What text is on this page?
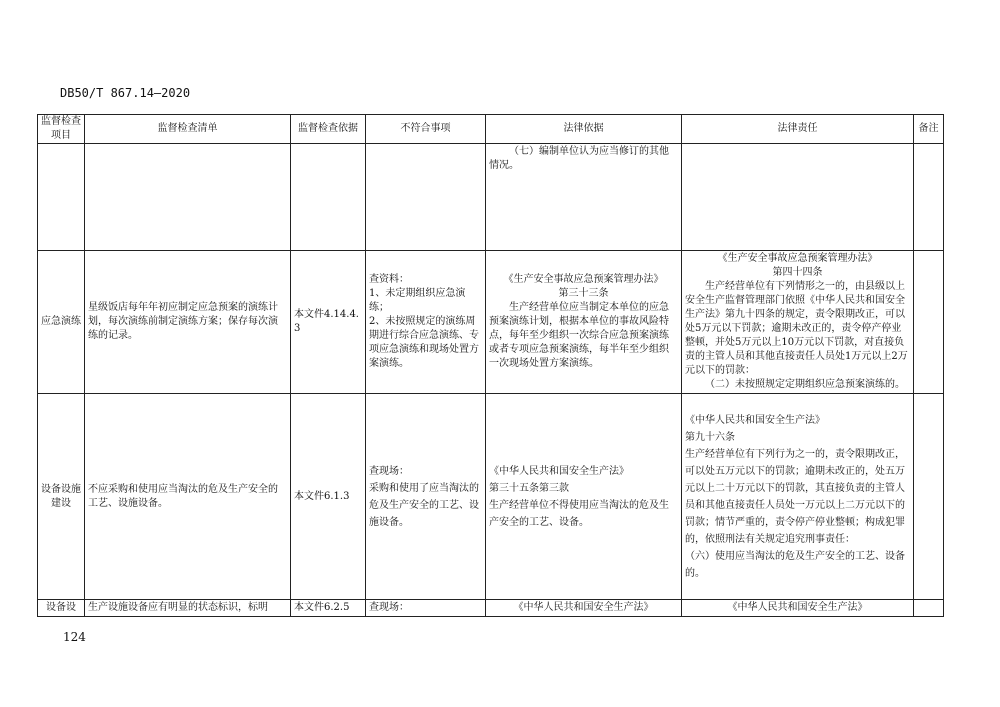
DB50/T 867.14—2020
监督检查项目	监督检查清单	监督检查依据	不符合事项	法律依据	法律责任	备注

				（七）编制单位认为应当修订的其他情况。		

应急演练	星级饭店每年年初应制定应急预案的演练计划，每次演练前制定演练方案；保存每次演练的记录。	本文件4.14.4.3	查资料：
1、未定期组织应急演练；
2、未按照规定的演练周期进行综合应急演练、专项应急演练和现场处置方案演练。	《生产安全事故应急预案管理办法》
第三十三条
生产经营单位应当制定本单位的应急预案演练计划，根据本单位的事故风险特点，每年至少组织一次综合应急预案演练或者专项应急预案演练，每半年至少组织一次现场处置方案演练。	《生产安全事故应急预案管理办法》
第四十四条
生产经营单位有下列情形之一的，由县级以上安全生产监督管理部门依照《中华人民共和国安全生产法》第九十四条的规定，责令限期改正，可以处5万元以下罚款；逾期未改正的，责令停产停业整顿，并处5万元以上10万元以下罚款，对直接负责的主管人员和其他直接责任人员处1万元以上2万元以下的罚款：
（二）未按照规定定期组织应急预案演练的。	

设备设施建设	不应采购和使用应当淘汰的危及生产安全的工艺、设施设备。	本文件6.1.3	查现场：
采购和使用了应当淘汰的危及生产安全的工艺、设施设备。	《中华人民共和国安全生产法》
第三十五条第三款
生产经营单位不得使用应当淘汰的危及生产安全的工艺、设备。	《中华人民共和国安全生产法》
第九十六条
生产经营单位有下列行为之一的，责令限期改正，可以处五万元以下的罚款；逾期未改正的，处五万元以上二十万元以下的罚款，其直接负责的主管人员和其他直接责任人员处一万元以上二万元以下的罚款；情节严重的，责令停产停业整顿；构成犯罪的，依照刑法有关规定追究刑事责任：
（六）使用应当淘汰的危及生产安全的工艺、设备的。	

设备设	生产设施设备应有明显的状态标识，标明	本文件6.2.5	查现场：	《中华人民共和国安全生产法》	《中华人民共和国安全生产法》	
124
